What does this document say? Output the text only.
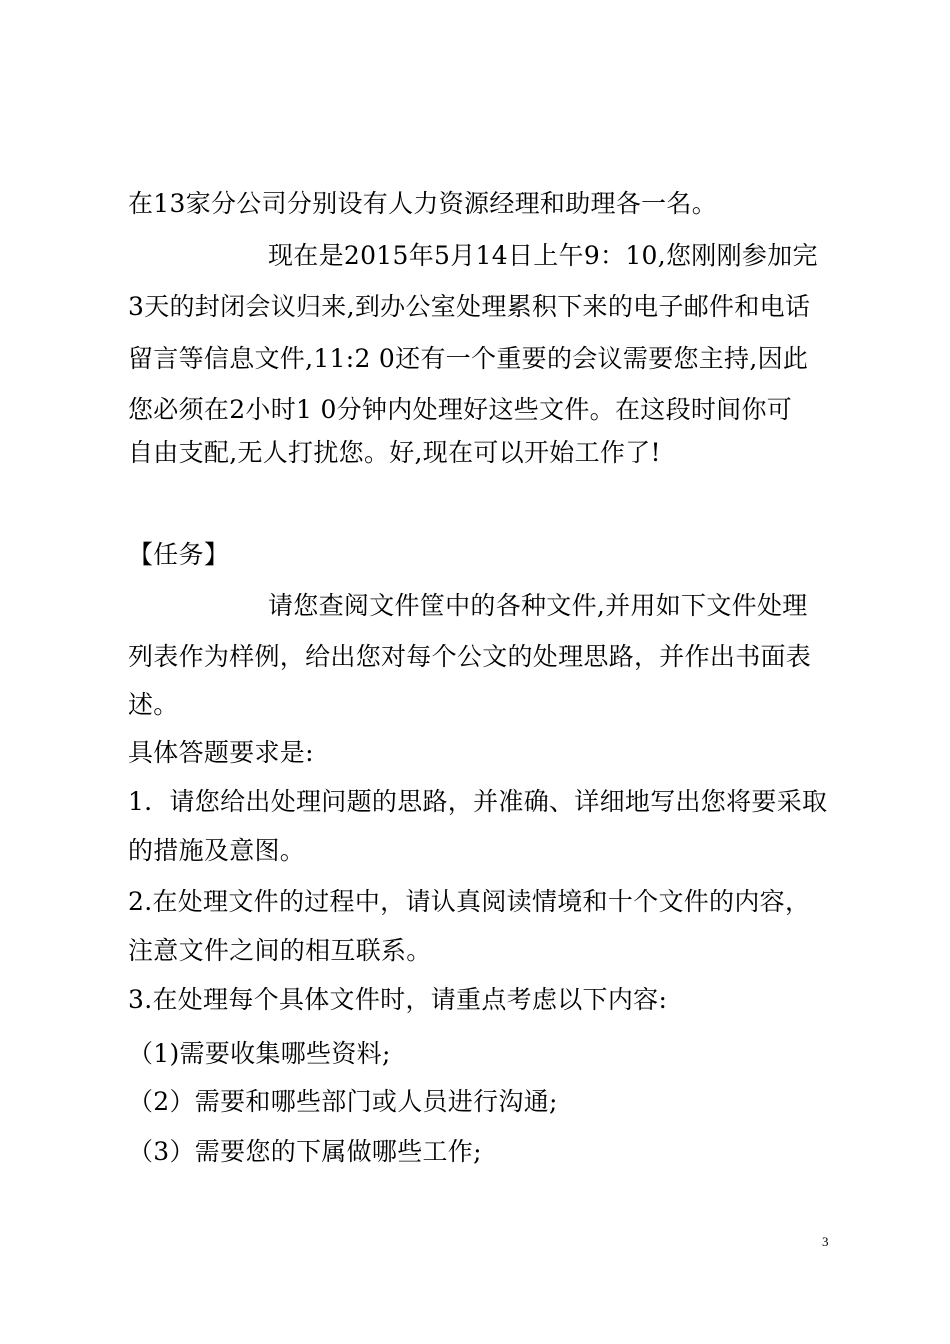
在13家分公司分别设有人力资源经理和助理各一名。
现在是2015年5月14日上午9：10,您刚刚参加完
3天的封闭会议归来,到办公室处理累积下来的电子邮件和电话
留言等信息文件,11:2 0还有一个重要的会议需要您主持,因此
您必须在2小时1 0分钟内处理好这些文件。在这段时间你可
自由支配,无人打扰您。好,现在可以开始工作了!
【任务】
请您查阅文件筐中的各种文件,并用如下文件处理
列表作为样例，给出您对每个公文的处理思路，并作出书面表
述。
具体答题要求是:
1．请您给出处理问题的思路，并准确、详细地写出您将要采取
的措施及意图。
2.在处理文件的过程中，请认真阅读情境和十个文件的内容，
注意文件之间的相互联系。
3.在处理每个具体文件时，请重点考虑以下内容:
（1)需要收集哪些资料;
（2）需要和哪些部门或人员进行沟通;
（3）需要您的下属做哪些工作;
3
